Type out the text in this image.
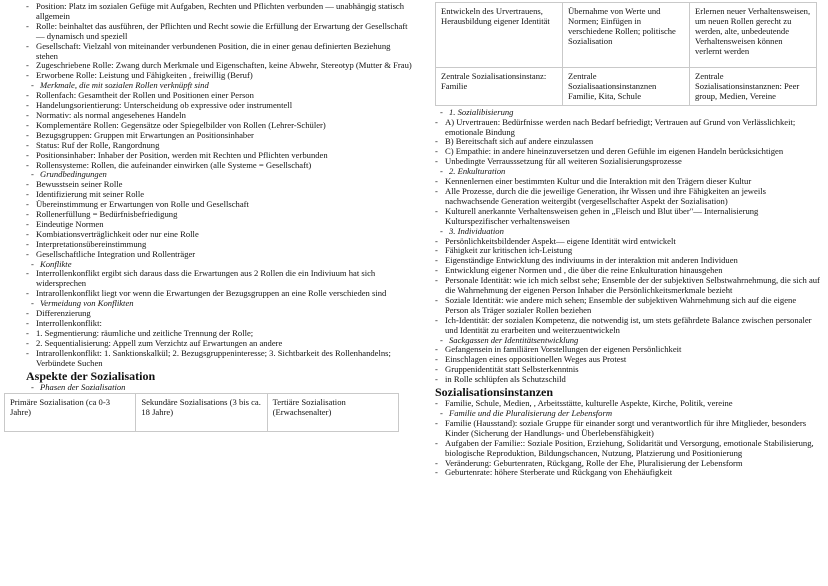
- Position: Platz im sozialen Gefüge mit Aufgaben, Rechten und Pflichten verbunden — unabhängig statisch allgemein
- Rolle: beinhaltet das ausführen, der Pflichten und Recht sowie die Erfüllung der Erwartung der Gesellschaft — dynamisch und speziell
- Gesellschaft: Vielzahl von miteinander verbundenen Position, die in einer genau definierten Beziehung stehen
- Zugeschriebene Rolle: Zwang durch Merkmale und Eigenschaften, keine Abwehr, Stereotyp (Mutter & Frau)
- Erworbene Rolle: Leistung und Fähigkeiten , freiwillig (Beruf)
- Merkmale, die mit sozialen Rollen verknüpft sind
- Rollenfach: Gesamtheit der Rollen und Positionen einer Person
- Handelungsorientierung: Unterscheidung ob expressive oder instrumentell
- Normativ: als normal angesehenes Handeln
- Komplementäre Rollen: Gegensätze oder Spiegelbilder von Rollen (Lehrer-Schüler)
- Bezugsgruppen: Gruppen mit Erwartungen an Positionsinhaber
- Status: Ruf der Rolle, Rangordnung
- Positionsinhaber: Inhaber der Position, werden mit Rechten und Pflichten verbunden
- Rollensysteme: Rollen, die aufeinander einwirken (alle Systeme = Gesellschaft)
- Grundbedingungen
- Bewusstsein seiner Rolle
- Identifizierung mit seiner Rolle
- Übereinstimmung er Erwartungen von Rolle und Gesellschaft
- Rollenerfüllung = Bedürfnisbefriedigung
- Eindeutige Normen
- Kombiationsverträglichkeit oder nur eine Rolle
- Interpretationsübereinstimmung
- Gesellschaftliche Integration und Rollenträger
- Konflikte
- Interrollenkonflikt ergibt sich daraus dass die Erwartungen aus 2 Rollen die ein Indiviuum hat sich widersprechen
- Intrarollenkonflikt liegt vor wenn die Erwartungen der Bezugsgruppen an eine Rolle verschieden sind
- Vermeidung von Konflikten
- Differenzierung
- Interrollenkonflikt:
- 1. Segmentierung: räumliche und zeitliche Trennung der Rolle;
- 2. Sequentialisierung: Appell zum Verzichtz auf Erwartungen an andere
- Intrarollenkonflikt: 1. Sanktionskalkül; 2. Bezugsgruppeninteresse; 3. Sichtbarkeit des Rollenhandelns; Verbündete Suchen
Aspekte der Sozialisation
- Phasen der Sozialisation
Primäre Sozialisation (ca 0-3 Jahre)	Sekundäre Sozialisations (3 bis ca. 18 Jahre)	Tertiäre Sozialisation (Erwachsenalter)
Entwickeln des Urvertrauens, Herausbildung eigener Identität	Übernahme von Werte und Normen; Einfügen in verschiedene Rollen; politische Sozialisation	Erlernen neuer Verhaltensweisen, um neuen Rollen gerecht zu werden, alte, unbedeutende Verhaltensweisen können verlernt werden
Zentrale Sozialisationsinstanz: Familie	Zentrale Sozialisaationsinstanznen Familie, Kita, Schule	Zentrale Sozialisationsinstanznen: Peer group, Medien, Vereine
- 1. Sozialibisierung
- A) Urvertrauen: Bedürfnisse werden nach Bedarf befriedigt; Vertrauen auf Grund von Verlässlichkeit; emotionale Bindung
- B) Bereitschaft sich auf andere einzulassen
- C) Empathie: in andere hineinzuversetzen und deren Gefühle im eigenen Handeln berücksichtigen
- Unbedingte Verrausssetzung für all weiteren Sozialisierungsprozesse
- 2. Enkulturation
- Kennenlernen einer bestimmten Kultur und die Interaktion mit den Trägern dieser Kultur
- Alle Prozesse, durch die die jeweilige Generation, ihr Wissen und ihre Fähigkeiten an jeweils nachwachsende Generation weitergibt (vergesellschafter Aspekt der Sozialisation)
- Kulturell anerkannte Verhaltensweisen gehen in „Fleisch und Blut über"— Internalisierung Kulturspezifischer verhaltensweisen
- 3. Individuation
- Persönlichkeitsbildender Aspekt— eigene Identität wird entwickelt
- Fähigkeit zur kritischen ich-Leistung
- Eigenständige Entwicklung des indiviuums in der interaktion mit anderen Individuen
- Entwicklung eigener Normen und , die über die reine Enkulturation hinausgehen
- Personale Identität: wie ich mich selbst sehe; Ensemble der der subjektiven Selbstwahrnehmung, die sich auf die Wahrnehmung der eigenen Person Inhaber die Persönlichkeitsmerkmale bezieht
- Soziale Identität: wie andere mich sehen; Ensemble der subjektiven Wahrnehmung sich auf die eigene Person als Träger sozialer Rollen beziehen
- Ich-Identität: der sozialen Kompetenz, die notwendig ist, um stets gefährdete Balance zwischen personaler und Identität zu erarbeiten und weiterzuentwickeln
- Sackgassen der Identitätsentwicklung
- Gefangensein in familiären Vorstellungen der eigenen Persönlichkeit
- Einschlagen eines oppositionellen Weges aus Protest
- Gruppenidentität statt Selbsterkenntnis
- in Rolle schlüpfen als Schutzschild
Sozialisationsinstanzen
- Familie, Schule, Medien, , Arbeitsstätte, kulturelle Aspekte, Kirche, Politik, vereine
- Familie und die Pluralisierung der Lebensform
- Familie (Hausstand): soziale Gruppe für einander sorgt und verantwortlich für ihre Mitglieder, besonders Kinder (Sicherung der Handlungs- und Überlebensfähigkeit)
- Aufgaben der Familie:: Soziale Position, Erziehung, Solidarität und Versorgung, emotionale Stabilisierung, biologische Reproduktion, Bildungschancen, Nutzung, Platzierung und Positionierung
- Veränderung: Geburtenraten, Rückgang, Rolle der Ehe, Pluralisierung der Lebensform
- Geburtenrate: höhere Sterberate und Rückgang von Ehehäufigkeit
